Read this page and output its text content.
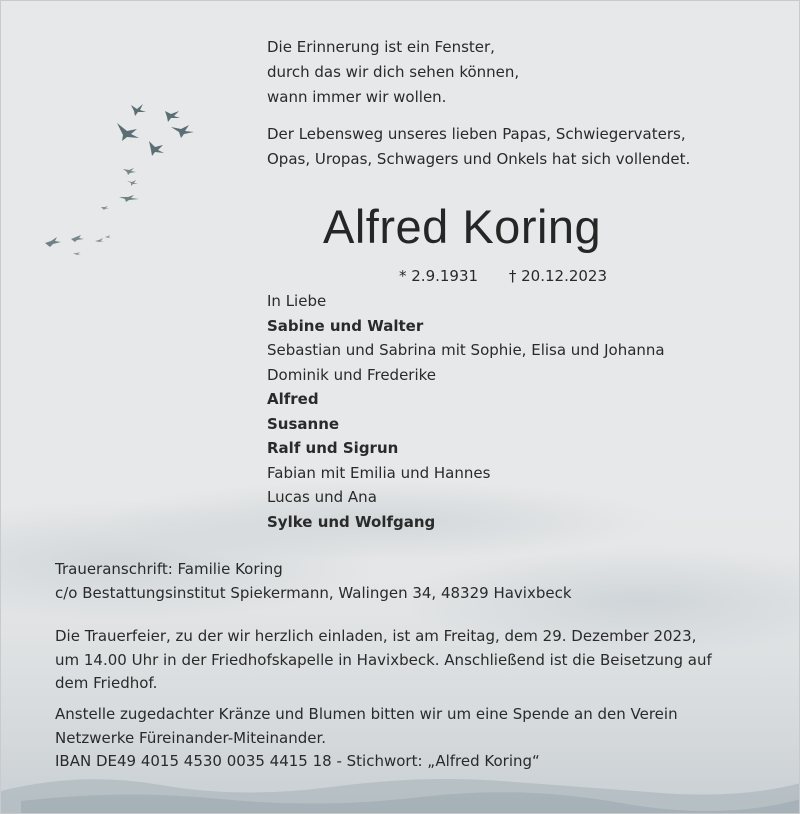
Die Erinnerung ist ein Fenster,
durch das wir dich sehen können,
wann immer wir wollen.
Der Lebensweg unseres lieben Papas, Schwiegervaters,
Opas, Uropas, Schwagers und Onkels hat sich vollendet.
Alfred Koring
* 2.9.1931 † 20.12.2023
In Liebe
Sabine und Walter
Sebastian und Sabrina mit Sophie, Elisa und Johanna
Dominik und Frederike
Alfred
Susanne
Ralf und Sigrun
Fabian mit Emilia und Hannes
Lucas und Ana
Sylke und Wolfgang
Traueranschrift: Familie Koring
c/o Bestattungsinstitut Spiekermann, Walingen 34, 48329 Havixbeck
Die Trauerfeier, zu der wir herzlich einladen, ist am Freitag, dem 29. Dezember 2023,
um 14.00 Uhr in der Friedhofskapelle in Havixbeck. Anschließend ist die Beisetzung auf
dem Friedhof.
Anstelle zugedachter Kränze und Blumen bitten wir um eine Spende an den Verein
Netzwerke Füreinander-Miteinander.
IBAN DE49 4015 4530 0035 4415 18 - Stichwort: „Alfred Koring“
